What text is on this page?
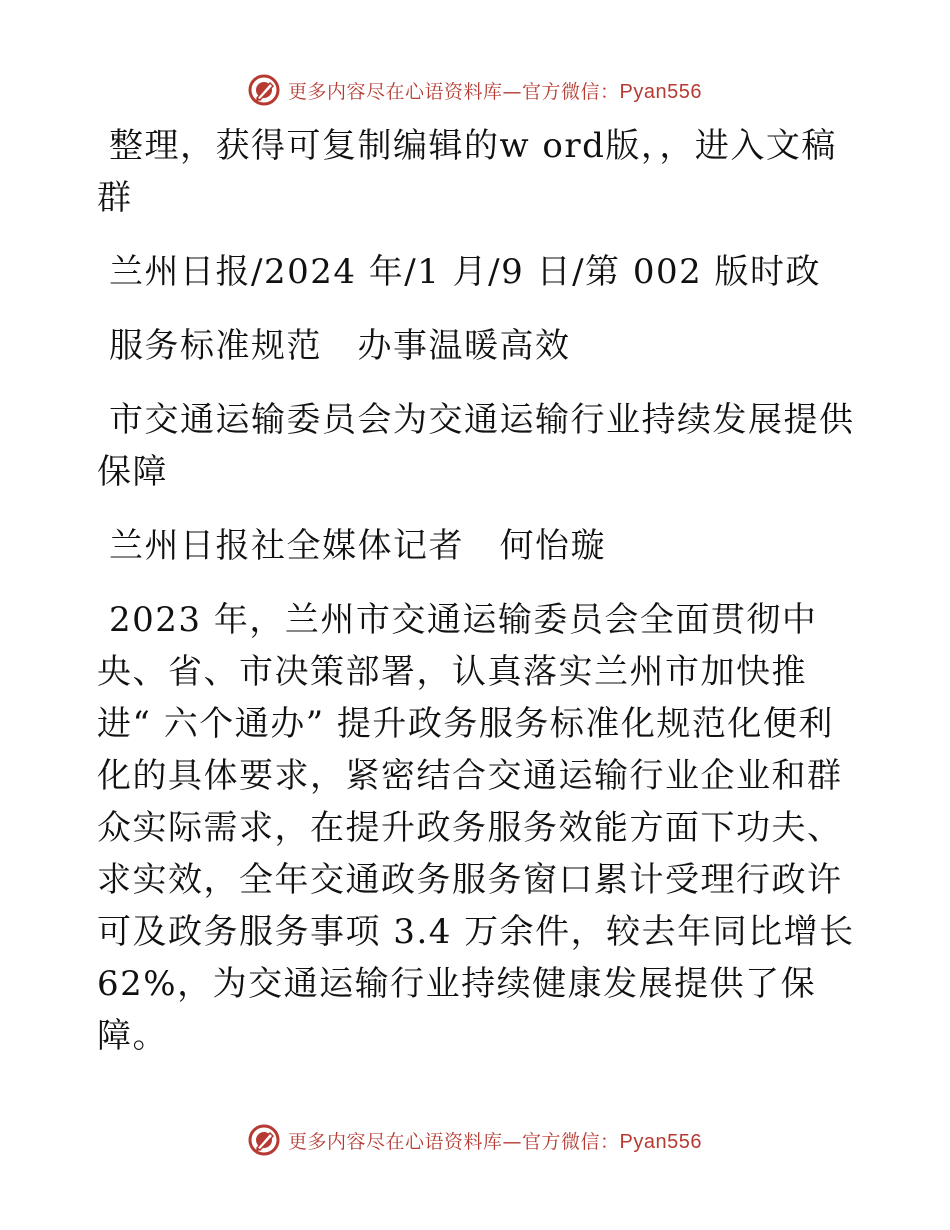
更多内容尽在心语资料库—官方微信：Pyan556

整理，获得可复制编辑的w ord版，，进入文稿群

兰州日报/2024 年/1 月/9 日/第 002 版时政

服务标准规范　办事温暖高效

市交通运输委员会为交通运输行业持续发展提供保障

兰州日报社全媒体记者　何怡璇

2023 年，兰州市交通运输委员会全面贯彻中央、省、市决策部署，认真落实兰州市加快推进“ 六个通办” 提升政务服务标准化规范化便利化的具体要求，紧密结合交通运输行业企业和群众实际需求，在提升政务服务效能方面下功夫、求实效，全年交通政务服务窗口累计受理行政许可及政务服务事项 3.4 万余件，较去年同比增长 62%，为交通运输行业持续健康发展提供了保障。

更多内容尽在心语资料库—官方微信：Pyan556
